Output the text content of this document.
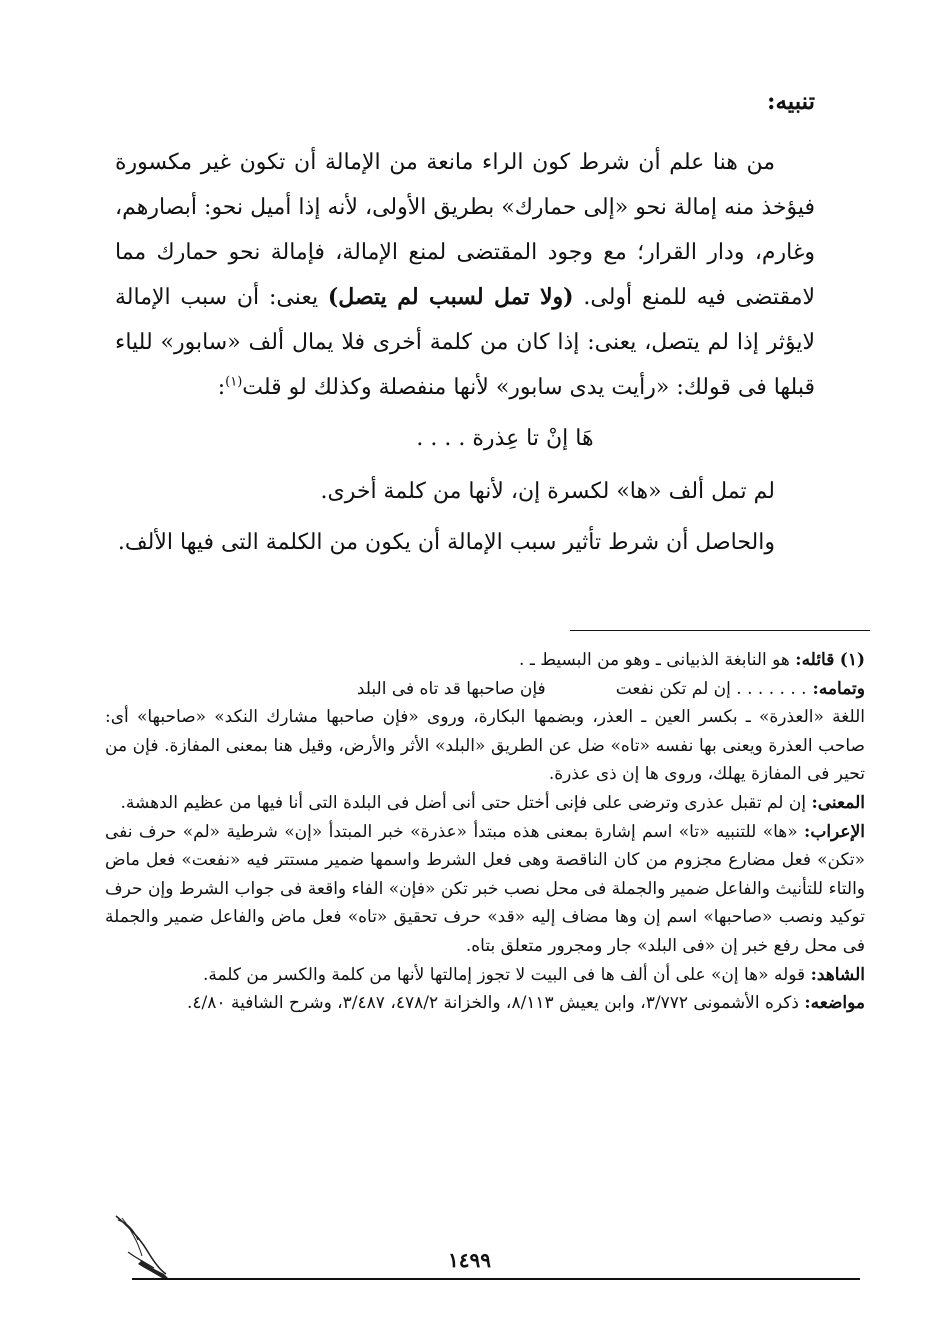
تنبيه:

من هنا علم أن شرط كون الراء مانعة من الإمالة أن تكون غير مكسورة فيؤخذ منه إمالة نحو «إلى حمارك» بطريق الأولى، لأنه إذا أميل نحو: أبصارهم، وغارم، ودار القرار؛ مع وجود المقتضى لمنع الإمالة، فإمالة نحو حمارك مما لامقتضى فيه للمنع أولى. (ولا تمل لسبب لم يتصل) يعنى: أن سبب الإمالة لايؤثر إذا لم يتصل، يعنى: إذا كان من كلمة أخرى فلا يمال ألف «سابور» للياء قبلها فى قولك: «رأيت يدى سابور» لأنها منفصلة وكذلك لو قلت$^{(١)}$:

هَا إنْ تا عِذرة . . . .

لم تمل ألف «ها» لكسرة إن، لأنها من كلمة أخرى.

والحاصل أن شرط تأثير سبب الإمالة أن يكون من الكلمة التى فيها الألف.

(١) قائله: هو النابغة الذبيانى ـ وهو من البسيط ـ .

وتمامه:
. . . . . . . إن لم تكن نفعت
فإن صاحبها قد تاه فى البلد

اللغة «العذرة» ـ بكسر العين ـ العذر، وبضمها البكارة، وروى «فإن صاحبها مشارك النكد» «صاحبها» أى: صاحب العذرة ويعنى بها نفسه «تاه» ضل عن الطريق «البلد» الأثر والأرض، وقيل هنا بمعنى المفازة. فإن من تحير فى المفازة يهلك، وروى ها إن ذى عذرة.

المعنى: إن لم تقبل عذرى وترضى على فإنى أختل حتى أنى أضل فى البلدة التى أنا فيها من عظيم الدهشة.

الإعراب: «ها» للتنبيه «تا» اسم إشارة بمعنى هذه مبتدأ «عذرة» خبر المبتدأ «إن» شرطية «لم» حرف نفى «تكن» فعل مضارع مجزوم من كان الناقصة وهى فعل الشرط واسمها ضمير مستتر فيه «نفعت» فعل ماض والتاء للتأنيث والفاعل ضمير والجملة فى محل نصب خبر تكن «فإن» الفاء واقعة فى جواب الشرط وإن حرف توكيد ونصب «صاحبها» اسم إن وها مضاف إليه «قد» حرف تحقيق «تاه» فعل ماض والفاعل ضمير والجملة فى محل رفع خبر إن «فى البلد» جار ومجرور متعلق بتاه.

الشاهد: قوله «ها إن» على أن ألف ها فى البيت لا تجوز إمالتها لأنها من كلمة والكسر من كلمة.

مواضعه: ذكره الأشمونى ٣/٧٧٢، وابن يعيش ٨/١١٣، والخزانة ٤٧٨/٢، ٣/٤٨٧، وشرح الشافية ٤/٨٠.

١٤٩٩
